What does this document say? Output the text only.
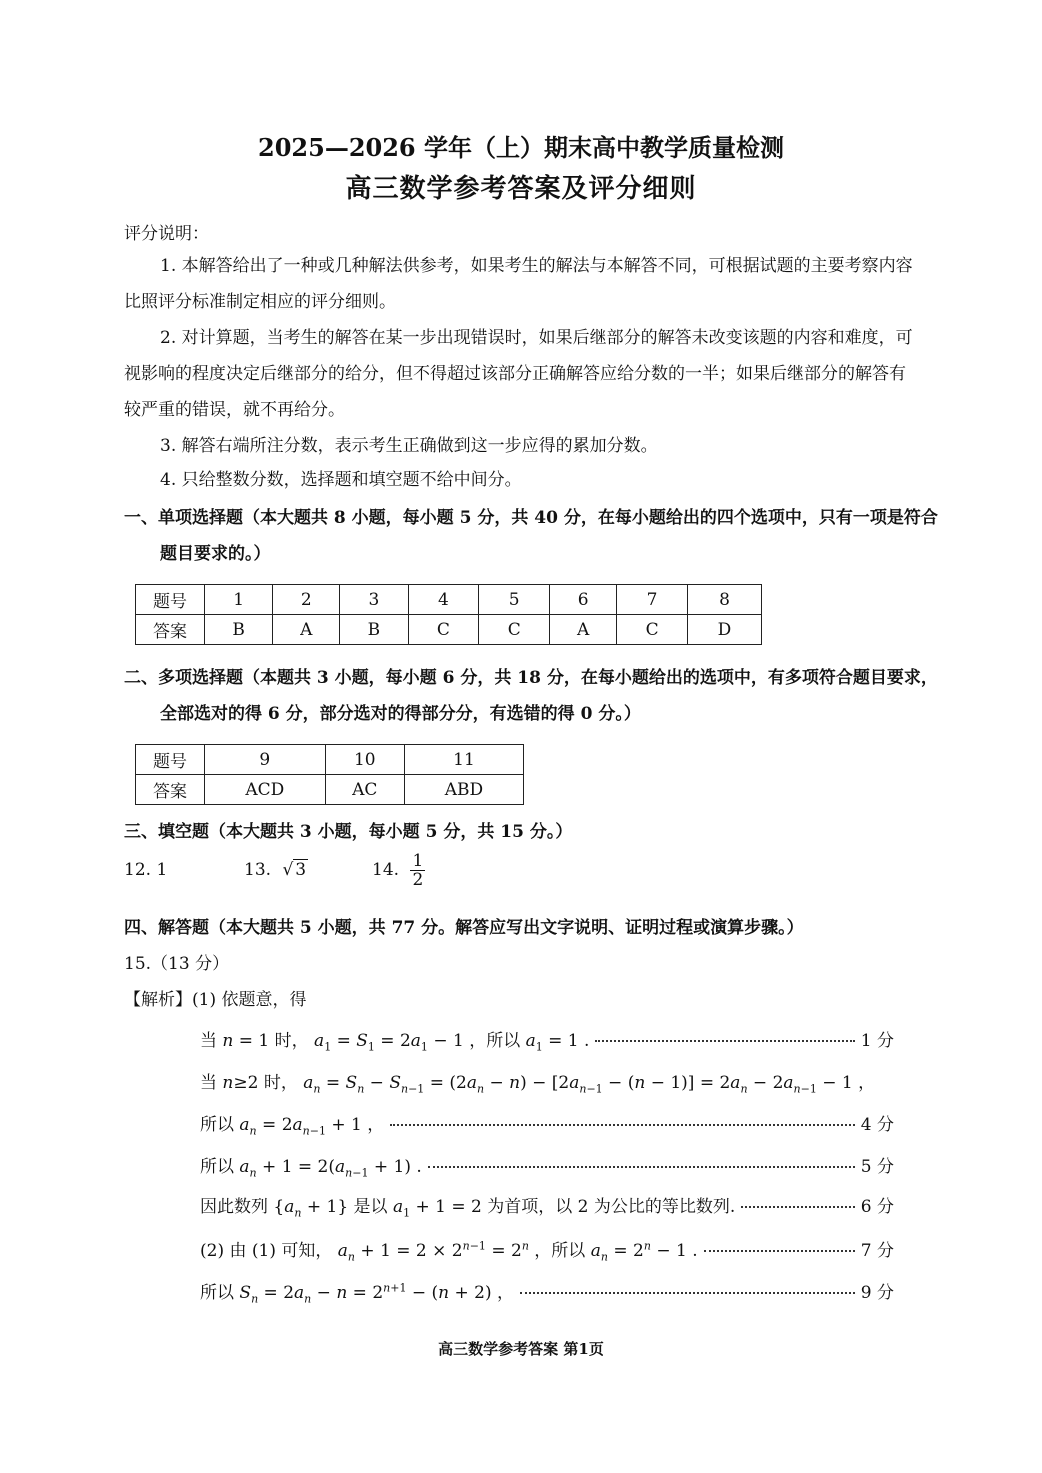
2025—2026 学年（上）期末高中教学质量检测
高三数学参考答案及评分细则
评分说明：
1. 本解答给出了一种或几种解法供参考，如果考生的解法与本解答不同，可根据试题的主要考察内容比照评分标准制定相应的评分细则。
2. 对计算题，当考生的解答在某一步出现错误时，如果后继部分的解答未改变该题的内容和难度，可视影响的程度决定后继部分的给分，但不得超过该部分正确解答应给分数的一半；如果后继部分的解答有较严重的错误，就不再给分。
3. 解答右端所注分数，表示考生正确做到这一步应得的累加分数。
4. 只给整数分数，选择题和填空题不给中间分。
一、单项选择题（本大题共 8 小题，每小题 5 分，共 40 分，在每小题给出的四个选项中，只有一项是符合题目要求的。）
题号	1	2	3	4	5	6	7	8
答案	B	A	B	C	C	A	C	D
二、多项选择题（本题共 3 小题，每小题 6 分，共 18 分，在每小题给出的选项中，有多项符合题目要求，全部选对的得 6 分，部分选对的得部分分，有选错的得 0 分。）
题号	9	10	11
答案	ACD	AC	ABD
三、填空题（本大题共 3 小题，每小题 5 分，共 15 分。）
12. 1	13. √ 3	14. $\frac{1}{2}$
四、解答题（本大题共 5 小题，共 77 分。解答应写出文字说明、证明过程或演算步骤。）
15.（13 分）
【解析】(1) 依题意，得
当 n = 1 时， $a_1 = S_1 = 2a_1 - 1$ ，所以 $a_1 = 1$ .	1 分
当 n≥2 时， $a_n = S_n - S_{n-1} = (2a_n - n) - [2a_{n-1} - (n - 1)] = 2a_n - 2a_{n-1} - 1$ ，
所以 $a_n = 2a_{n-1} + 1$ ，	4 分
所以 $a_n + 1 = 2(a_{n-1} + 1)$ .	5 分
因此数列 $\{a_n + 1\}$ 是以 $a_1 + 1 = 2$ 为首项，以 2 为公比的等比数列.	6 分
(2) 由 (1) 可知， $a_n + 1 = 2 \times 2^{n-1} = 2^n$ ，所以 $a_n = 2^n - 1$ .	7 分
所以 $S_n = 2a_n - n = 2^{n+1} - (n + 2)$ ，	9 分
高三数学参考答案 第1页
